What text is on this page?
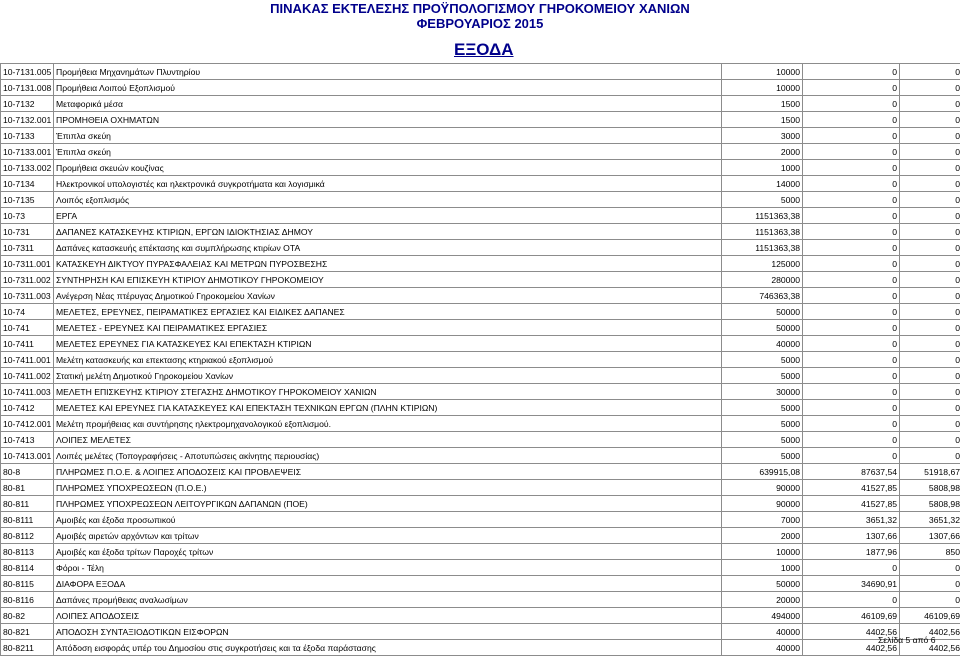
ΠΙΝΑΚΑΣ ΕΚΤΕΛΕΣΗΣ ΠΡΟΫΠΟΛΟΓΙΣΜΟΥ ΓΗΡΟΚΟΜΕΙΟΥ ΧΑΝΙΩΝ
ΦΕΒΡΟΥΑΡΙΟΣ 2015
ΕΞΟΔΑ
10-7131.005	Προμήθεια Μηχανημάτων Πλυντηρίου	10000	0	0
10-7131.008	Προμήθεια Λοιπού Εξοπλισμού	10000	0	0
10-7132	Μεταφορικά μέσα	1500	0	0
10-7132.001	ΠΡΟΜΗΘΕΙΑ ΟΧΗΜΑΤΩΝ	1500	0	0
10-7133	Έπιπλα σκεύη	3000	0	0
10-7133.001	Έπιπλα σκεύη	2000	0	0
10-7133.002	Προμήθεια σκευών κουζίνας	1000	0	0
10-7134	Ηλεκτρονικοί υπολογιστές και ηλεκτρονικά συγκροτήματα και λογισμικά	14000	0	0
10-7135	Λοιπός εξοπλισμός	5000	0	0
10-73	ΕΡΓΑ	1151363,38	0	0
10-731	ΔΑΠΑΝΕΣ ΚΑΤΑΣΚΕΥΗΣ ΚΤΙΡΙΩΝ, ΕΡΓΩΝ ΙΔΙΟΚΤΗΣΙΑΣ ΔΗΜΟΥ	1151363,38	0	0
10-7311	Δαπάνες κατασκευής επέκτασης και συμπλήρωσης κτιρίων ΟΤΑ	1151363,38	0	0
10-7311.001	ΚΑΤΑΣΚΕΥΗ ΔΙΚΤΥΟΥ ΠΥΡΑΣΦΑΛΕΙΑΣ ΚΑΙ ΜΕΤΡΩΝ ΠΥΡΟΣΒΕΣΗΣ	125000	0	0
10-7311.002	ΣΥΝΤΗΡΗΣΗ ΚΑΙ ΕΠΙΣΚΕΥΗ ΚΤΙΡΙΟΥ ΔΗΜΟΤΙΚΟΥ ΓΗΡΟΚΟΜΕΙΟΥ	280000	0	0
10-7311.003	Ανέγερση Νέας πτέρυγας Δημοτικού Γηροκομείου Χανίων	746363,38	0	0
10-74	ΜΕΛΕΤΕΣ, ΕΡΕΥΝΕΣ, ΠΕΙΡΑΜΑΤΙΚΕΣ ΕΡΓΑΣΙΕΣ ΚΑΙ ΕΙΔΙΚΕΣ ΔΑΠΑΝΕΣ	50000	0	0
10-741	ΜΕΛΕΤΕΣ - ΕΡΕΥΝΕΣ ΚΑΙ ΠΕΙΡΑΜΑΤΙΚΕΣ ΕΡΓΑΣΙΕΣ	50000	0	0
10-7411	ΜΕΛΕΤΕΣ ΕΡΕΥΝΕΣ ΓΙΑ ΚΑΤΑΣΚΕΥΕΣ ΚΑΙ ΕΠΕΚΤΑΣΗ ΚΤΙΡΙΩΝ	40000	0	0
10-7411.001	Μελέτη κατασκευής και επεκτασης κτηριακού εξοπλισμού	5000	0	0
10-7411.002	Στατική μελέτη Δημοτικού Γηροκομείου Χανίων	5000	0	0
10-7411.003	ΜΕΛΕΤΗ ΕΠΙΣΚΕΥΗΣ ΚΤΙΡΙΟΥ ΣΤΕΓΑΣΗΣ ΔΗΜΟΤΙΚΟΥ ΓΗΡΟΚΟΜΕΙΟΥ ΧΑΝΙΩΝ	30000	0	0
10-7412	ΜΕΛΕΤΕΣ ΚΑΙ ΕΡΕΥΝΕΣ ΓΙΑ ΚΑΤΑΣΚΕΥΕΣ ΚΑΙ ΕΠΕΚΤΑΣΗ ΤΕΧΝΙΚΩΝ ΕΡΓΩΝ (ΠΛΗΝ ΚΤΙΡΙΩΝ)	5000	0	0
10-7412.001	Μελέτη προμήθειας και συντήρησης ηλεκτρομηχανολογικού εξοπλισμού.	5000	0	0
10-7413	ΛΟΙΠΕΣ ΜΕΛΕΤΕΣ	5000	0	0
10-7413.001	Λοιπές μελέτες (Τοπογραφήσεις - Αποτυπώσεις ακίνητης περιουσίας)	5000	0	0
80-8	ΠΛΗΡΩΜΕΣ Π.Ο.Ε. & ΛΟΙΠΕΣ ΑΠΟΔΟΣΕΙΣ ΚΑΙ ΠΡΟΒΛΕΨΕΙΣ	639915,08	87637,54	51918,67
80-81	ΠΛΗΡΩΜΕΣ ΥΠΟΧΡΕΩΣΕΩΝ (Π.Ο.Ε.)	90000	41527,85	5808,98
80-811	ΠΛΗΡΩΜΕΣ ΥΠΟΧΡΕΩΣΕΩΝ ΛΕΙΤΟΥΡΓΙΚΩΝ ΔΑΠΑΝΩΝ (ΠΟΕ)	90000	41527,85	5808,98
80-8111	Αμοιβές και έξοδα προσωπικού	7000	3651,32	3651,32
80-8112	Αμοιβές αιρετών αρχόντων και τρίτων	2000	1307,66	1307,66
80-8113	Αμοιβές και έξοδα τρίτων Παροχές τρίτων	10000	1877,96	850
80-8114	Φόροι - Τέλη	1000	0	0
80-8115	ΔΙΑΦΟΡΑ ΕΞΟΔΑ	50000	34690,91	0
80-8116	Δαπάνες προμήθειας αναλωσίμων	20000	0	0
80-82	ΛΟΙΠΕΣ ΑΠΟΔΟΣΕΙΣ	494000	46109,69	46109,69
80-821	ΑΠΟΔΟΣΗ ΣΥΝΤΑΞΙΟΔΟΤΙΚΩΝ ΕΙΣΦΟΡΩΝ	40000	4402,56	4402,56
80-8211	Απόδοση εισφοράς υπέρ του Δημοσίου στις συγκροτήσεις και τα έξοδα παράστασης	40000	4402,56	4402,56
Σελίδα 5 από 6
